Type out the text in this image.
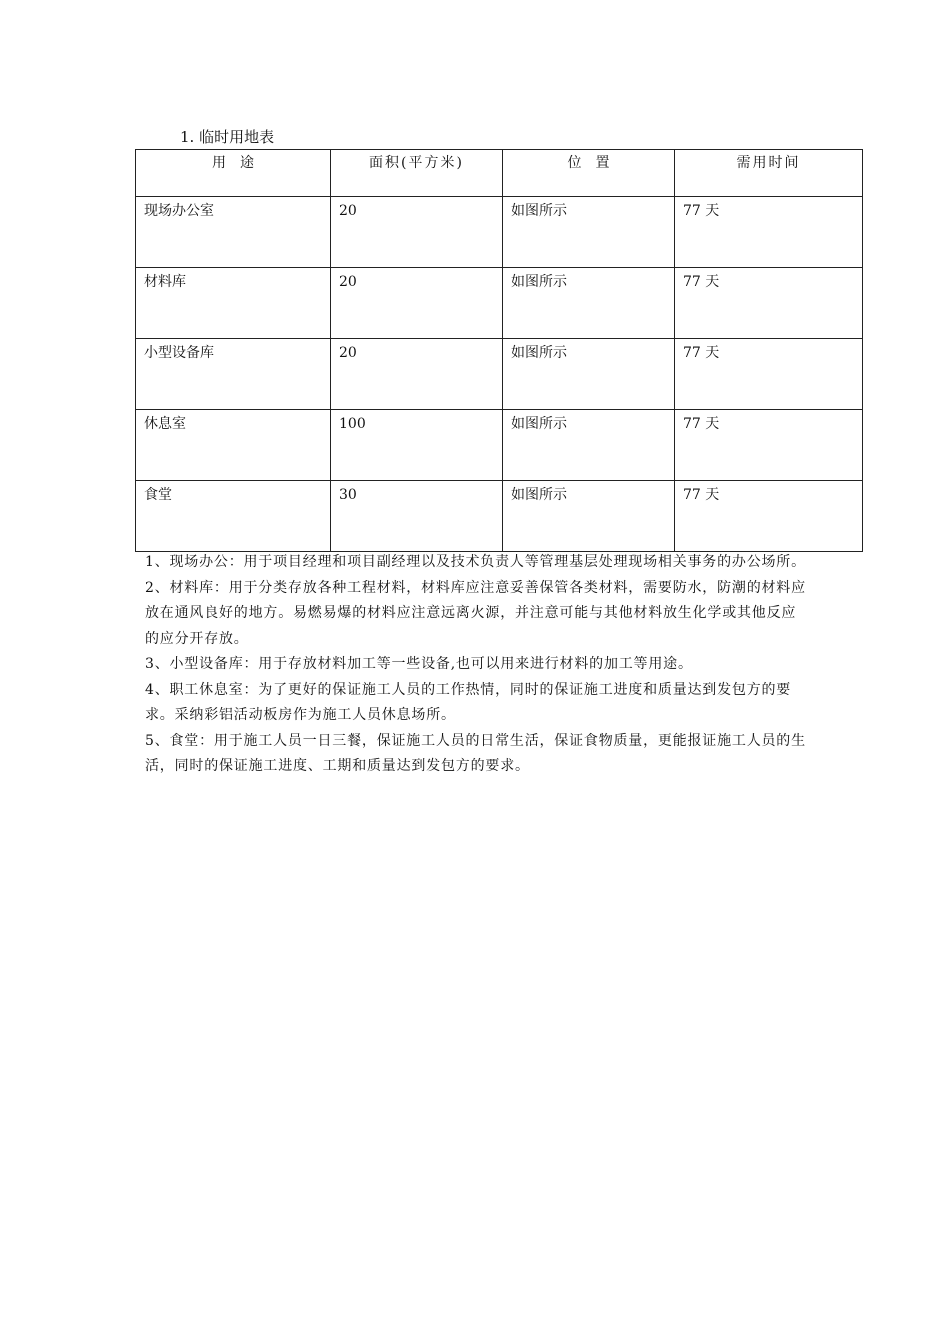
1. 临时用地表
用　途	面积(平方米)	位　置	需用时间
现场办公室	20	如图所示	77 天
材料库	20	如图所示	77 天
小型设备库	20	如图所示	77 天
休息室	100	如图所示	77 天
食堂	30	如图所示	77 天

1、现场办公：用于项目经理和项目副经理以及技术负责人等管理基层处理现场相关事务的办公场所。

2、材料库：用于分类存放各种工程材料，材料库应注意妥善保管各类材料，需要防水，防潮的材料应放在通风良好的地方。易燃易爆的材料应注意远离火源，并注意可能与其他材料放生化学或其他反应的应分开存放。

3、小型设备库：用于存放材料加工等一些设备,也可以用来进行材料的加工等用途。

4、职工休息室：为了更好的保证施工人员的工作热情，同时的保证施工进度和质量达到发包方的要求。采纳彩铝活动板房作为施工人员休息场所。

5、食堂：用于施工人员一日三餐，保证施工人员的日常生活，保证食物质量，更能报证施工人员的生活，同时的保证施工进度、工期和质量达到发包方的要求。
